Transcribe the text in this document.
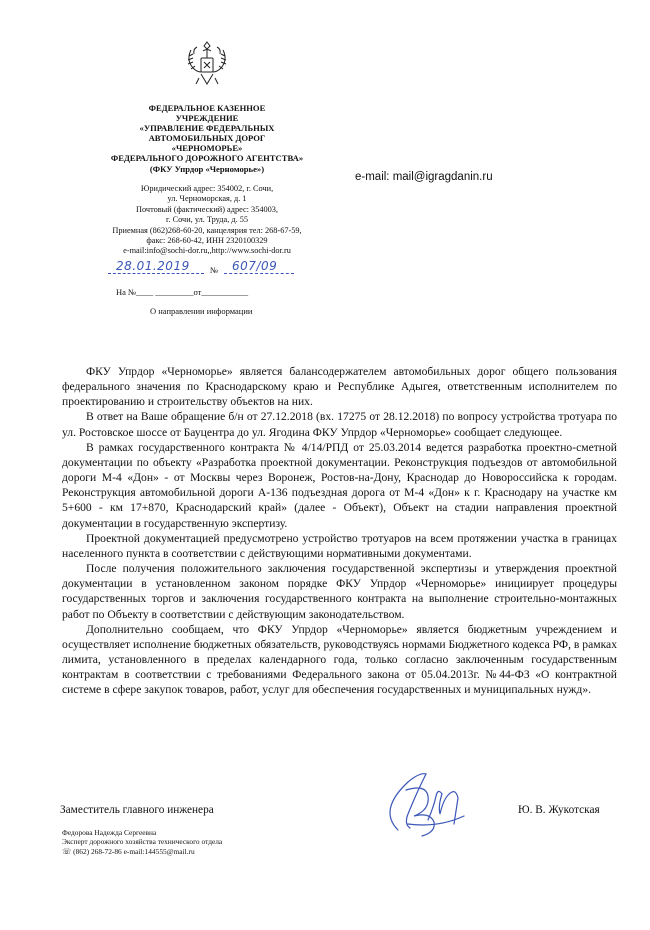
ФЕДЕРАЛЬНОЕ КАЗЕННОЕ
УЧРЕЖДЕНИЕ
«УПРАВЛЕНИЕ ФЕДЕРАЛЬНЫХ
АВТОМОБИЛЬНЫХ ДОРОГ
«ЧЕРНОМОРЬЕ»
ФЕДЕРАЛЬНОГО ДОРОЖНОГО АГЕНТСТВА»
(ФКУ Упрдор «Черноморье»)
Юридический адрес: 354002, г. Сочи,
ул. Черноморская, д. 1
Почтовый (фактический) адрес: 354003,
г. Сочи, ул. Труда, д. 55
Приемная (862)268-60-20, канцелярия тел: 268-67-59,
факс: 268-60-42, ИНН 2320100329
e-mail:info@sochi-dor.ru,,http://www.sochi-dor.ru
e-mail: mail@igragdanin.ru
28.01.2019 № 607/09
На №____ _________от___________
О направлении информации

ФКУ Упрдор «Черноморье» является балансодержателем автомобильных дорог общего пользования федерального значения по Краснодарскому краю и Республике Адыгея, ответственным исполнителем по проектированию и строительству объектов на них.

В ответ на Ваше обращение б/н от 27.12.2018 (вх. 17275 от 28.12.2018) по вопросу устройства тротуара по ул. Ростовское шоссе от Бауцентра до ул. Ягодина ФКУ Упрдор «Черноморье» сообщает следующее.

В рамках государственного контракта № 4/14/РПД от 25.03.2014 ведется разработка проектно-сметной документации по объекту «Разработка проектной документации. Реконструкция подъездов от автомобильной дороги М-4 «Дон» - от Москвы через Воронеж, Ростов-на-Дону, Краснодар до Новороссийска к городам. Реконструкция автомобильной дороги А-136 подъездная дорога от М-4 «Дон» к г. Краснодару на участке км 5+600 - км 17+870, Краснодарский край» (далее - Объект), Объект на стадии направления проектной документации в государственную экспертизу.

Проектной документацией предусмотрено устройство тротуаров на всем протяжении участка в границах населенного пункта в соответствии с действующими нормативными документами.

После получения положительного заключения государственной экспертизы и утверждения проектной документации в установленном законом порядке ФКУ Упрдор «Черноморье» инициирует процедуры государственных торгов и заключения государственного контракта на выполнение строительно-монтажных работ по Объекту в соответствии с действующим законодательством.

Дополнительно сообщаем, что ФКУ Упрдор «Черноморье» является бюджетным учреждением и осуществляет исполнение бюджетных обязательств, руководствуясь нормами Бюджетного кодекса РФ, в рамках лимита, установленного в пределах календарного года, только согласно заключенным государственным контрактам в соответствии с требованиями Федерального закона от 05.04.2013г. №44-ФЗ «О контрактной системе в сфере закупок товаров, работ, услуг для обеспечения государственных и муниципальных нужд».

Заместитель главного инженера	Ю. В. Жукотская
Федорова Надежда Сергеевна
Эксперт дорожного хозяйства технического отдела
☏ (862) 268-72-86 e-mail:144555@mail.ru
